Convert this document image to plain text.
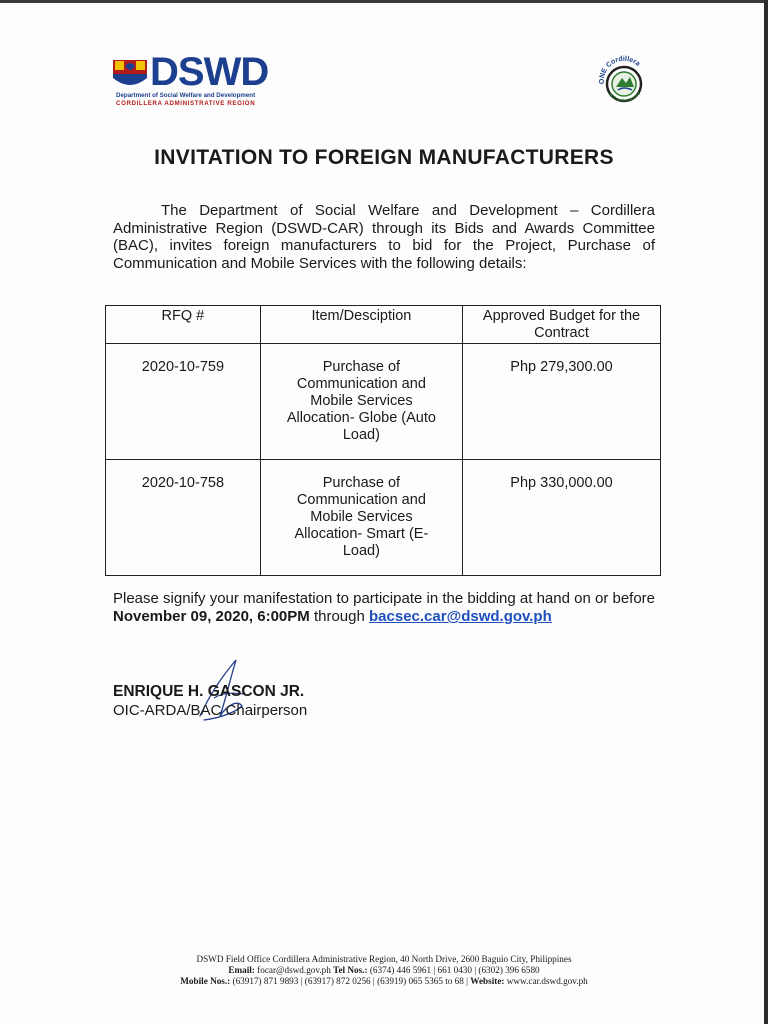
DSWD
Department of Social Welfare and Development
CORDILLERA ADMINISTRATIVE REGION
ONE Cordillera
YES to Autonomy
INVITATION TO FOREIGN MANUFACTURERS
The Department of Social Welfare and Development – Cordillera Administrative Region (DSWD-CAR) through its Bids and Awards Committee (BAC), invites foreign manufacturers to bid for the Project, Purchase of Communication and Mobile Services with the following details:
RFQ #	Item/Desciption	Approved Budget for the Contract
2020-10-759	Purchase of Communication and Mobile Services Allocation- Globe (Auto Load)	Php 279,300.00
2020-10-758	Purchase of Communication and Mobile Services Allocation- Smart (E-Load)	Php 330,000.00
Please signify your manifestation to participate in the bidding at hand on or before November 09, 2020, 6:00PM through bacsec.car@dswd.gov.ph
ENRIQUE H. GASCON JR.
OIC-ARDA/BAC Chairperson
DSWD Field Office Cordillera Administrative Region, 40 North Drive, 2600 Baguio City, Philippines
Email: focar@dswd.gov.ph Tel Nos.: (6374) 446 5961 | 661 0430 | (6302) 396 6580
Mobile Nos.: (63917) 871 9893 | (63917) 872 0256 | (63919) 065 5365 to 68 | Website: www.car.dswd.gov.ph
